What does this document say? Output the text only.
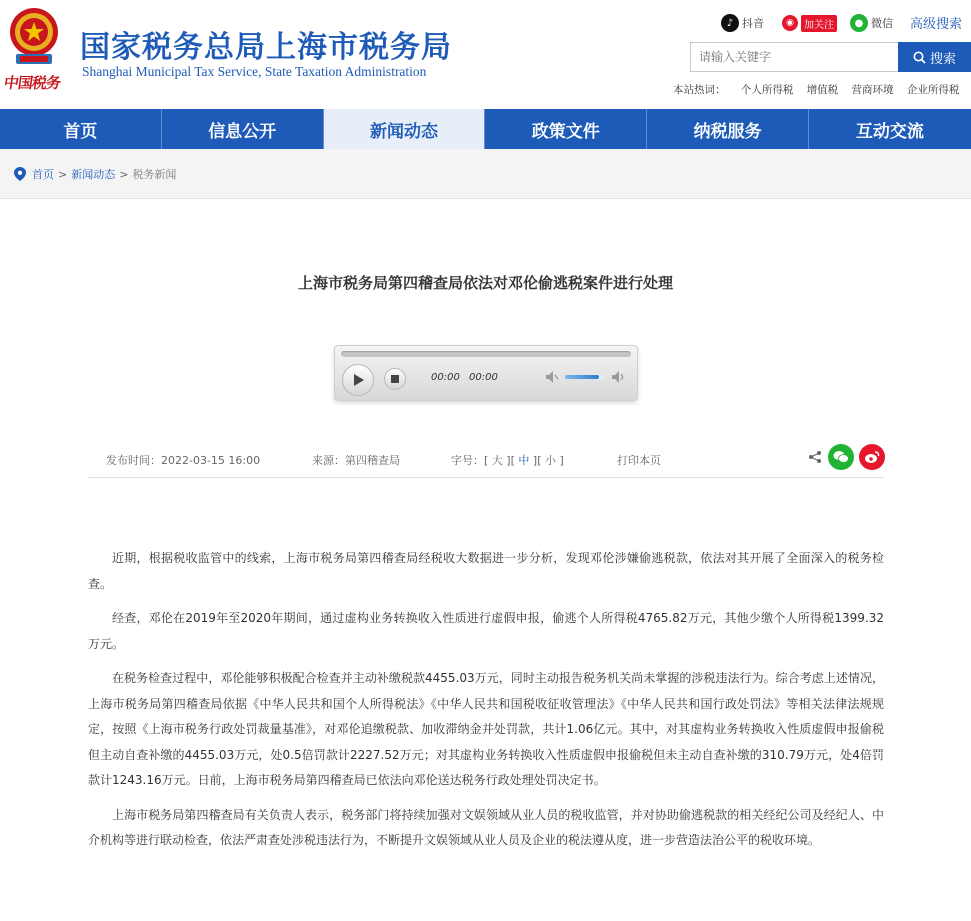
中国税务
国家税务总局上海市税务局
Shanghai Municipal Tax Service, State Taxation Administration
♪ 抖音	◉	加关注	● 微信 高级搜索
请输入关键字
搜索
本站热词： 个人所得税 增值税 营商环境 企业所得税
首页	信息公开	新闻动态	政策文件	纳税服务	互动交流
首页 > 新闻动态 > 税务新闻
上海市税务局第四稽查局依法对邓伦偷逃税案件进行处理
00:00 00:00
发布时间：2022-03-15 16:00	来源：第四稽查局	字号：[ 大 ][ 中 ][ 小 ]	打印本页

近期，根据税收监管中的线索，上海市税务局第四稽查局经税收大数据进一步分析，发现邓伦涉嫌偷逃税款，依法对其开展了全面深入的税务检查。

经查，邓伦在2019年至2020年期间，通过虚构业务转换收入性质进行虚假申报，偷逃个人所得税4765.82万元，其他少缴个人所得税1399.32万元。

在税务检查过程中，邓伦能够积极配合检查并主动补缴税款4455.03万元，同时主动报告税务机关尚未掌握的涉税违法行为。综合考虑上述情况，上海市税务局第四稽查局依据《中华人民共和国个人所得税法》《中华人民共和国税收征收管理法》《中华人民共和国行政处罚法》等相关法律法规规定，按照《上海市税务行政处罚裁量基准》，对邓伦追缴税款、加收滞纳金并处罚款，共计1.06亿元。其中，对其虚构业务转换收入性质虚假申报偷税但主动自查补缴的4455.03万元，处0.5倍罚款计2227.52万元；对其虚构业务转换收入性质虚假申报偷税但未主动自查补缴的310.79万元，处4倍罚款计1243.16万元。日前，上海市税务局第四稽查局已依法向邓伦送达税务行政处理处罚决定书。

上海市税务局第四稽查局有关负责人表示，税务部门将持续加强对文娱领域从业人员的税收监管，并对协助偷逃税款的相关经纪公司及经纪人、中介机构等进行联动检查，依法严肃查处涉税违法行为，不断提升文娱领域从业人员及企业的税法遵从度，进一步营造法治公平的税收环境。
